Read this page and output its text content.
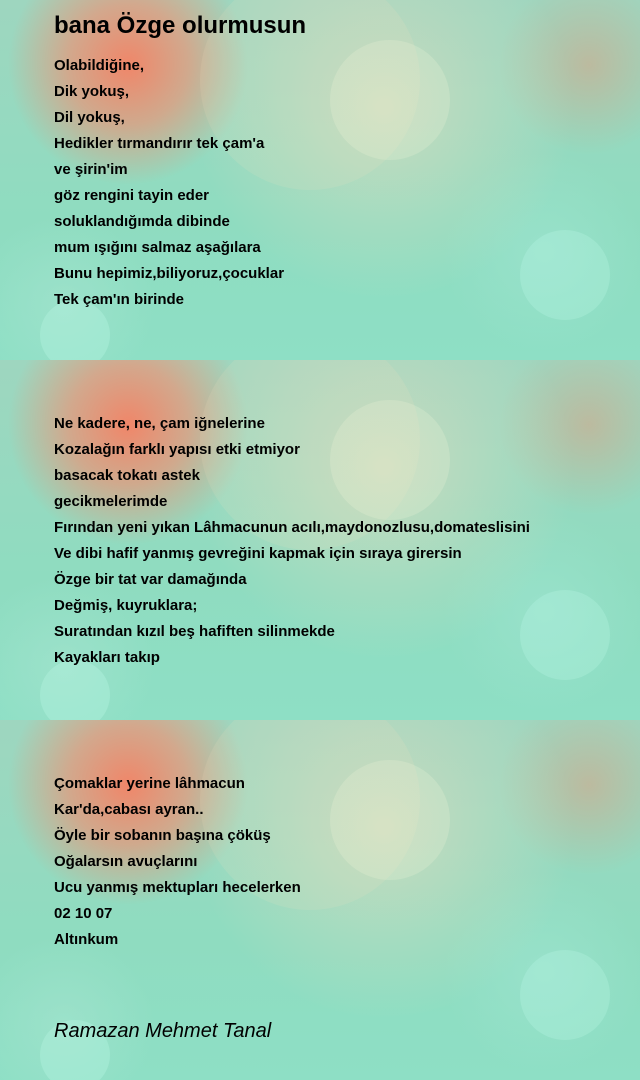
bana Özge olurmusun
Olabildiğine,
Dik yokuş,
Dil yokuş,
Hedikler tırmandırır tek çam'a
ve şirin'im
göz rengini tayin eder
soluklandığımda dibinde
mum ışığını salmaz aşağılara
Bunu hepimiz,biliyoruz,çocuklar
Tek çam'ın birinde
Ne kadere, ne, çam iğnelerine
Kozalağın farklı yapısı etki etmiyor
basacak tokatı astek
gecikmelerimde
Fırından yeni yıkan Lâhmacunun acılı,maydonozlusu,domateslisini
Ve dibi hafif yanmış gevreğini kapmak için sıraya girersin
Özge bir tat var damağında
Değmiş, kuyruklara;
Suratından kızıl beş hafiften silinmekde
Kayakları takıp
Çomaklar yerine lâhmacun
Kar'da,cabası ayran..
Öyle bir sobanın başına çöküş
Oğalarsın avuçlarını
Ucu yanmış mektupları hecelerken
02 10 07
Altınkum
Ramazan Mehmet Tanal
